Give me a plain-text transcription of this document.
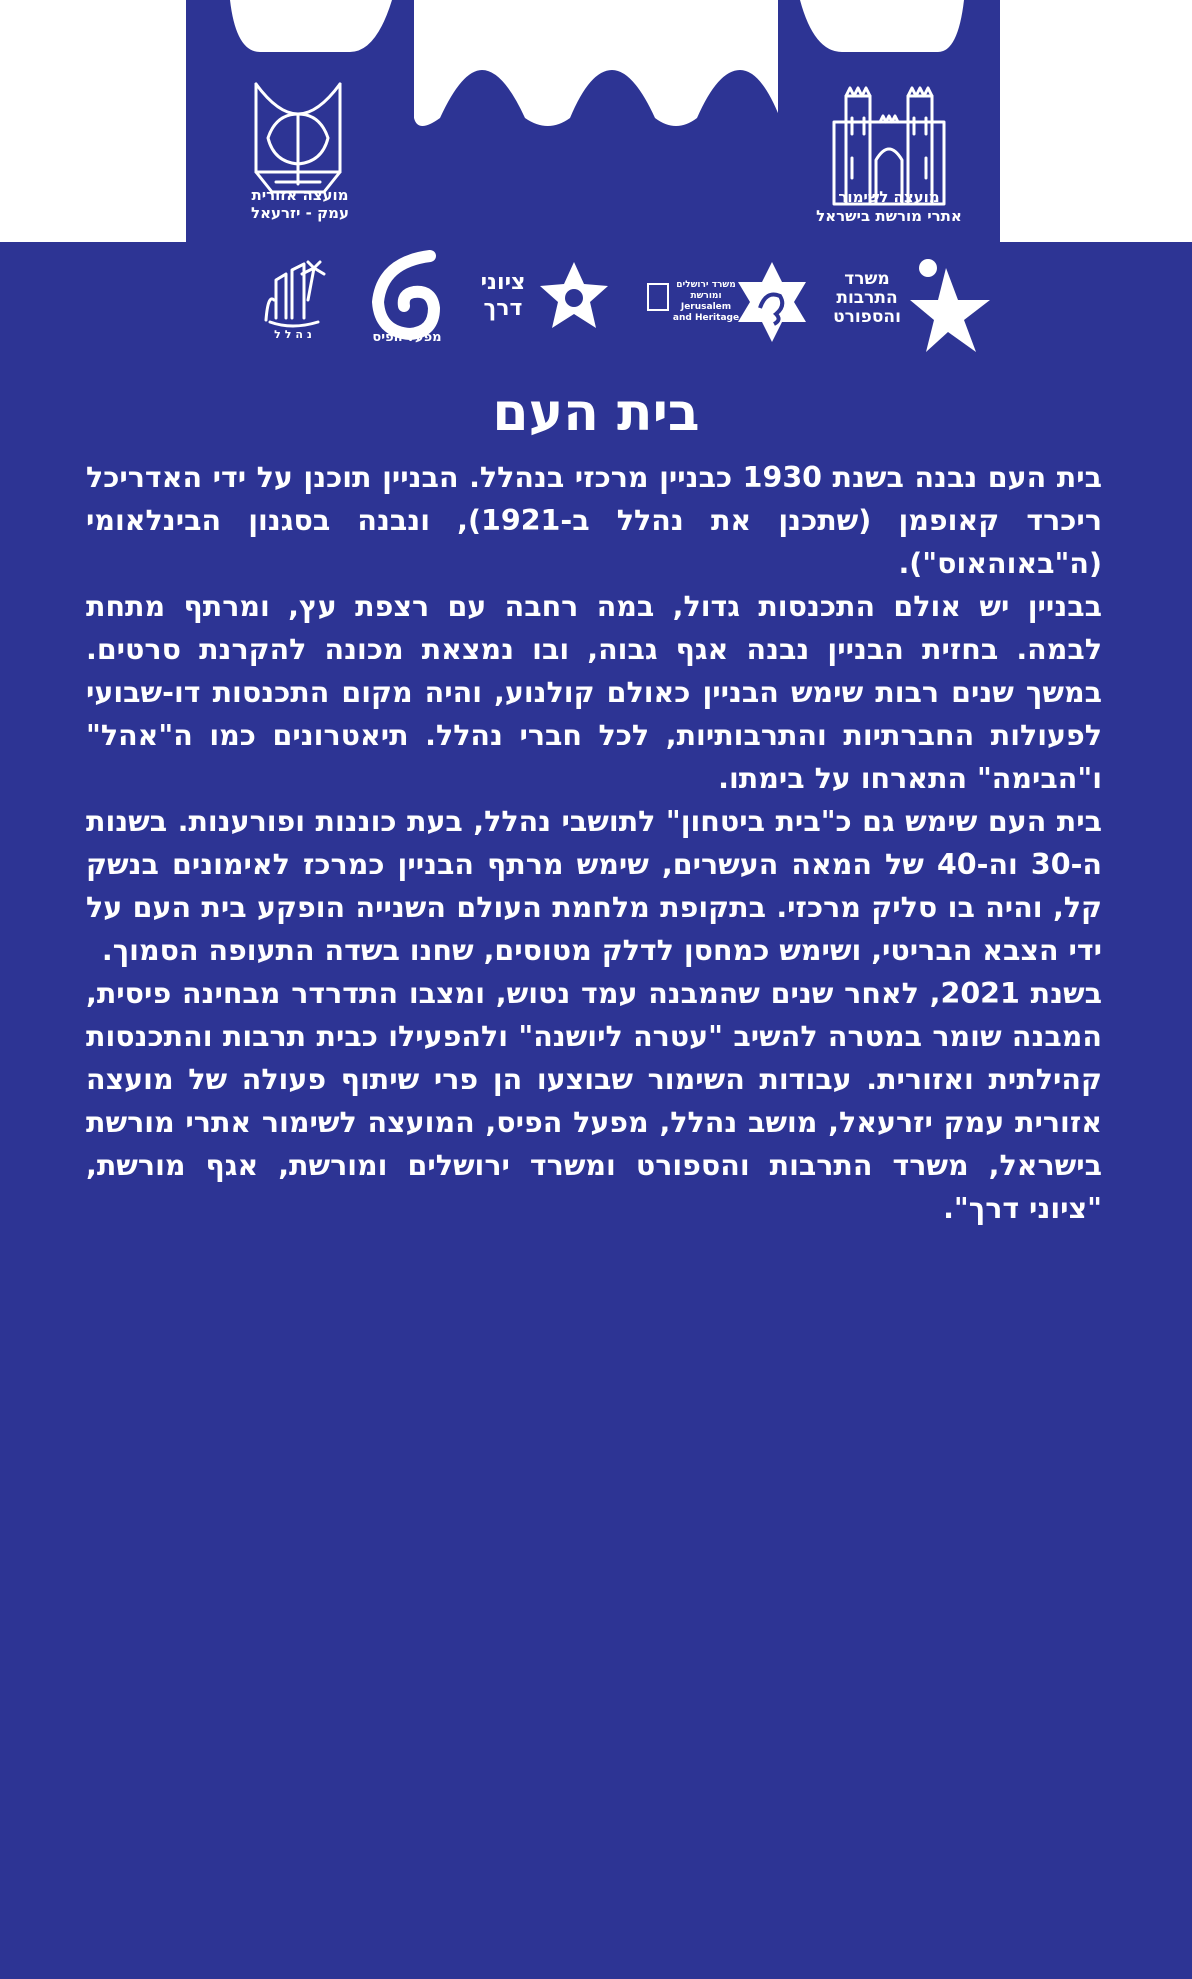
מועצה אזורית
עמק - יזרעאל
מועצה לשימור
אתרי מורשת בישראל
משרד התרבות והספורט
משרד ירושלים ומורשת
Jerusalem and Heritage
ציוני דרך
מפעל הפיס
נהלל
בית העם

בית העם נבנה בשנת 1930 כבניין מרכזי בנהלל. הבניין תוכנן על ידי האדריכל ריכרד קאופמן (שתכנן את נהלל ב-1921), ונבנה בסגנון הבינלאומי (ה"באוהאוס").

בבניין יש אולם התכנסות גדול, במה רחבה עם רצפת עץ, ומרתף מתחת לבמה. בחזית הבניין נבנה אגף גבוה, ובו נמצאת מכונה להקרנת סרטים. במשך שנים רבות שימש הבניין כאולם קולנוע, והיה מקום התכנסות דו-שבועי לפעולות החברתיות והתרבותיות, לכל חברי נהלל. תיאטרונים כמו ה"אהל" ו"הבימה" התארחו על בימתו.

בית העם שימש גם כ"בית ביטחון" לתושבי נהלל, בעת כוננות ופורענות. בשנות ה-30 וה-40 של המאה העשרים, שימש מרתף הבניין כמרכז לאימונים בנשק קל, והיה בו סליק מרכזי. בתקופת מלחמת העולם השנייה הופקע בית העם על ידי הצבא הבריטי, ושימש כמחסן לדלק מטוסים, שחנו בשדה התעופה הסמוך.

בשנת 2021, לאחר שנים שהמבנה עמד נטוש, ומצבו התדרדר מבחינה פיסית, המבנה שומר במטרה להשיב "עטרה ליושנה" ולהפעילו כבית תרבות והתכנסות קהילתית ואזורית. עבודות השימור שבוצעו הן פרי שיתוף פעולה של מועצה אזורית עמק יזרעאל, מושב נהלל, מפעל הפיס, המועצה לשימור אתרי מורשת בישראל, משרד התרבות והספורט ומשרד ירושלים ומורשת, אגף מורשת, "ציוני דרך".
